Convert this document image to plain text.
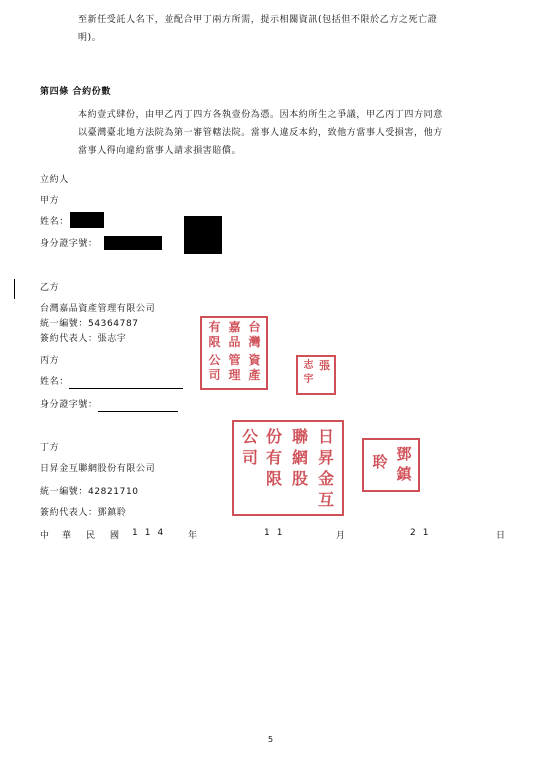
至新任受託人名下，並配合甲丁兩方所需，提示相關資訊(包括但不限於乙方之死亡證
明)。
第四條 合約份數
本約壹式肆份，由甲乙丙丁四方各執壹份為憑。因本約所生之爭議，甲乙丙丁四方同意
以臺灣臺北地方法院為第一審管轄法院。當事人違反本約，致他方當事人受損害，他方
當事人得向違約當事人請求損害賠償。
立約人
甲方
姓名：
身分證字號：
乙方
台灣嘉品資產管理有限公司
統一編號：54364787
簽約代表人：張志宇
丙方
姓名：
身分證字號：
丁方
日昇金互聯網股份有限公司
統一編號：42821710
簽約代表人：鄧鎮聆
中 華 民 國 114 年	11	月	21	日
台
灣
嘉
品
有
限
資
產
管
理
公
司
張
志
宇
日
昇
金
互
聯
網
股
份
有
限
公
司	鄧
鎮
聆
5
